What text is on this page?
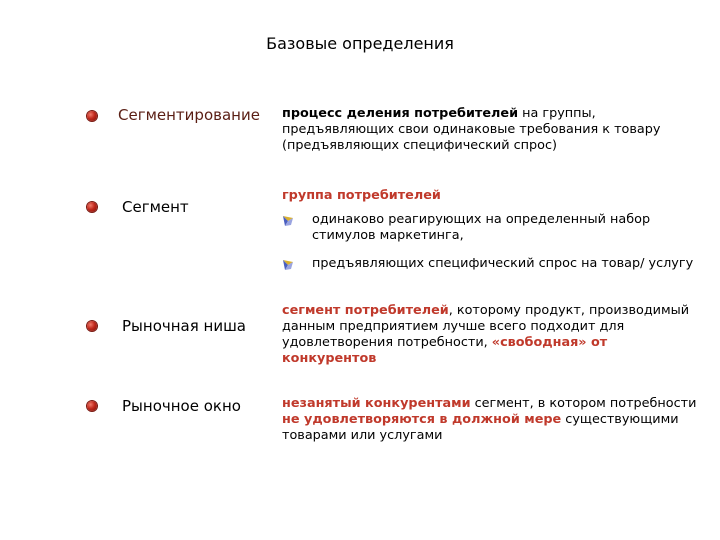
Базовые определения
Сегментирование процесс деления потребителей на группы, предъявляющих свои одинаковые требования к товару (предъявляющих специфический спрос)
Сегмент
группа потребителей
одинаково реагирующих на определенный набор стимулов маркетинга,
предъявляющих специфический спрос на товар/ услугу
Рыночная ниша
сегмент потребителей, которому продукт, производимый данным предприятием лучше всего подходит для удовлетворения потребности, «свободная» от конкурентов
Рыночное окно	незанятый конкурентами сегмент, в котором потребности не удовлетворяются в должной мере существующими товарами или услугами
